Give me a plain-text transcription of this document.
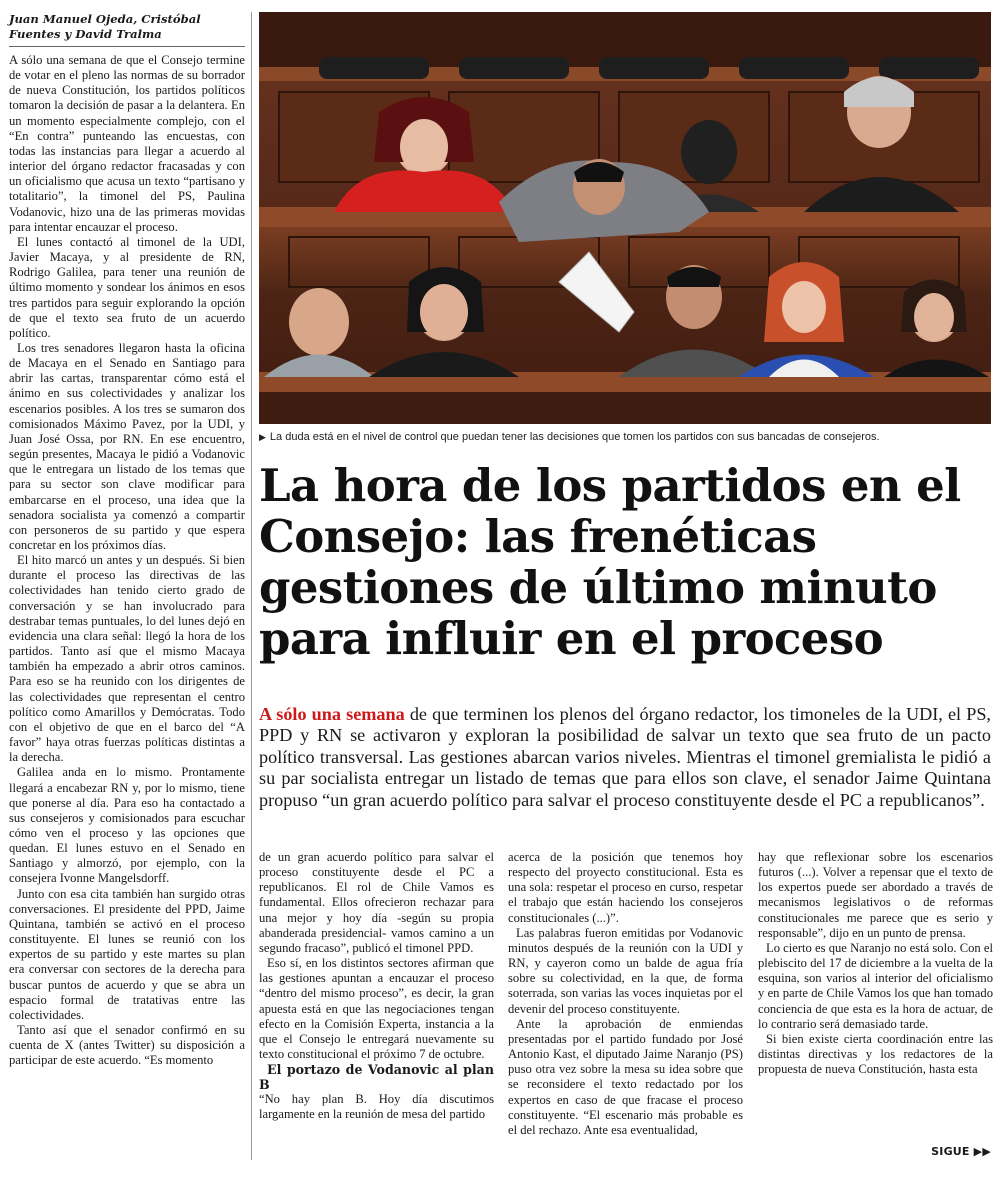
Juan Manuel Ojeda, Cristóbal Fuentes y David Tralma

A sólo una semana de que el Consejo termine de votar en el pleno las normas de su borrador de nueva Constitución, los partidos políticos tomaron la decisión de pasar a la delantera. En un momento especialmente complejo, con el “En contra” punteando las encuestas, con todas las instancias para llegar a acuerdo al interior del órgano redactor fracasadas y con un oficialismo que acusa un texto “partisano y totalitario”, la timonel del PS, Paulina Vodanovic, hizo una de las primeras movidas para intentar encauzar el proceso.

El lunes contactó al timonel de la UDI, Javier Macaya, y al presidente de RN, Rodrigo Galilea, para tener una reunión de último momento y sondear los ánimos en esos tres partidos para seguir explorando la opción de que el texto sea fruto de un acuerdo político.

Los tres senadores llegaron hasta la oficina de Macaya en el Senado en Santiago para abrir las cartas, transparentar cómo está el ánimo en sus colectividades y analizar los escenarios posibles. A los tres se sumaron dos comisionados Máximo Pavez, por la UDI, y Juan José Ossa, por RN. En ese encuentro, según presentes, Macaya le pidió a Vodanovic que le entregara un listado de los temas que para su sector son clave modificar para embarcarse en el proceso, una idea que la senadora socialista ya comenzó a compartir con personeros de su partido y que espera concretar en los próximos días.

El hito marcó un antes y un después. Si bien durante el proceso las directivas de las colectividades han tenido cierto grado de conversación y se han involucrado para destrabar temas puntuales, lo del lunes dejó en evidencia una clara señal: llegó la hora de los partidos. Tanto así que el mismo Macaya también ha empezado a abrir otros caminos. Para eso se ha reunido con los dirigentes de las colectividades que representan el centro político como Amarillos y Demócratas. Todo con el objetivo de que en el barco del “A favor” haya otras fuerzas políticas distintas a la derecha.

Galilea anda en lo mismo. Prontamente llegará a encabezar RN y, por lo mismo, tiene que ponerse al día. Para eso ha contactado a sus consejeros y comisionados para escuchar cómo ven el proceso y las opciones que quedan. El lunes estuvo en el Senado en Santiago y almorzó, por ejemplo, con la consejera Ivonne Mangelsdorff.

Junto con esa cita también han surgido otras conversaciones. El presidente del PPD, Jaime Quintana, también se activó en el proceso constituyente. El lunes se reunió con los expertos de su partido y este martes su plan era conversar con sectores de la derecha para buscar puntos de acuerdo y que se abra un espacio formal de tratativas entre las colectividades.

Tanto así que el senador confirmó en su cuenta de X (antes Twitter) su disposición a participar de este acuerdo. “Es momento

▶ La duda está en el nivel de control que puedan tener las decisiones que tomen los partidos con sus bancadas de consejeros.
La hora de los partidos en el Consejo: las frenéticas gestiones de último minuto para influir en el proceso

A sólo una semana de que terminen los plenos del órgano redactor, los timoneles de la UDI, el PS, PPD y RN se activaron y exploran la posibilidad de salvar un texto que sea fruto de un pacto político transversal. Las gestiones abarcan varios niveles. Mientras el timonel gremialista le pidió a su par socialista entregar un listado de temas que para ellos son clave, el senador Jaime Quintana propuso “un gran acuerdo político para salvar el proceso constituyente desde el PC a republicanos”.

de un gran acuerdo político para salvar el proceso constituyente desde el PC a republicanos. El rol de Chile Vamos es fundamental. Ellos ofrecieron rechazar para una mejor y hoy día -según su propia abanderada presidencial- vamos camino a un segundo fracaso”, publicó el timonel PPD.

Eso sí, en los distintos sectores afirman que las gestiones apuntan a encauzar el proceso “dentro del mismo proceso”, es decir, la gran apuesta está en que las negociaciones tengan efecto en la Comisión Experta, instancia a la que el Consejo le entregará nuevamente su texto constitucional el próximo 7 de octubre.

El portazo de Vodanovic al plan B

“No hay plan B. Hoy día discutimos largamente en la reunión de mesa del partido

acerca de la posición que tenemos hoy respecto del proyecto constitucional. Esta es una sola: respetar el proceso en curso, respetar el trabajo que están haciendo los consejeros constitucionales (...)”.

Las palabras fueron emitidas por Vodanovic minutos después de la reunión con la UDI y RN, y cayeron como un balde de agua fría sobre su colectividad, en la que, de forma soterrada, son varias las voces inquietas por el devenir del proceso constituyente.

Ante la aprobación de enmiendas presentadas por el partido fundado por José Antonio Kast, el diputado Jaime Naranjo (PS) puso otra vez sobre la mesa su idea sobre que se reconsidere el texto redactado por los expertos en caso de que fracase el proceso constituyente. “El escenario más probable es el del rechazo. Ante esa eventualidad,

hay que reflexionar sobre los escenarios futuros (...). Volver a repensar que el texto de los expertos puede ser abordado a través de mecanismos legislativos o de reformas constitucionales me parece que es serio y responsable”, dijo en un punto de prensa.

Lo cierto es que Naranjo no está solo. Con el plebiscito del 17 de diciembre a la vuelta de la esquina, son varios al interior del oficialismo y en parte de Chile Vamos los que han tomado conciencia de que esta es la hora de actuar, de lo contrario será demasiado tarde.

Si bien existe cierta coordinación entre las distintas directivas y los redactores de la propuesta de nueva Constitución, hasta esta

SIGUE ▶▶
